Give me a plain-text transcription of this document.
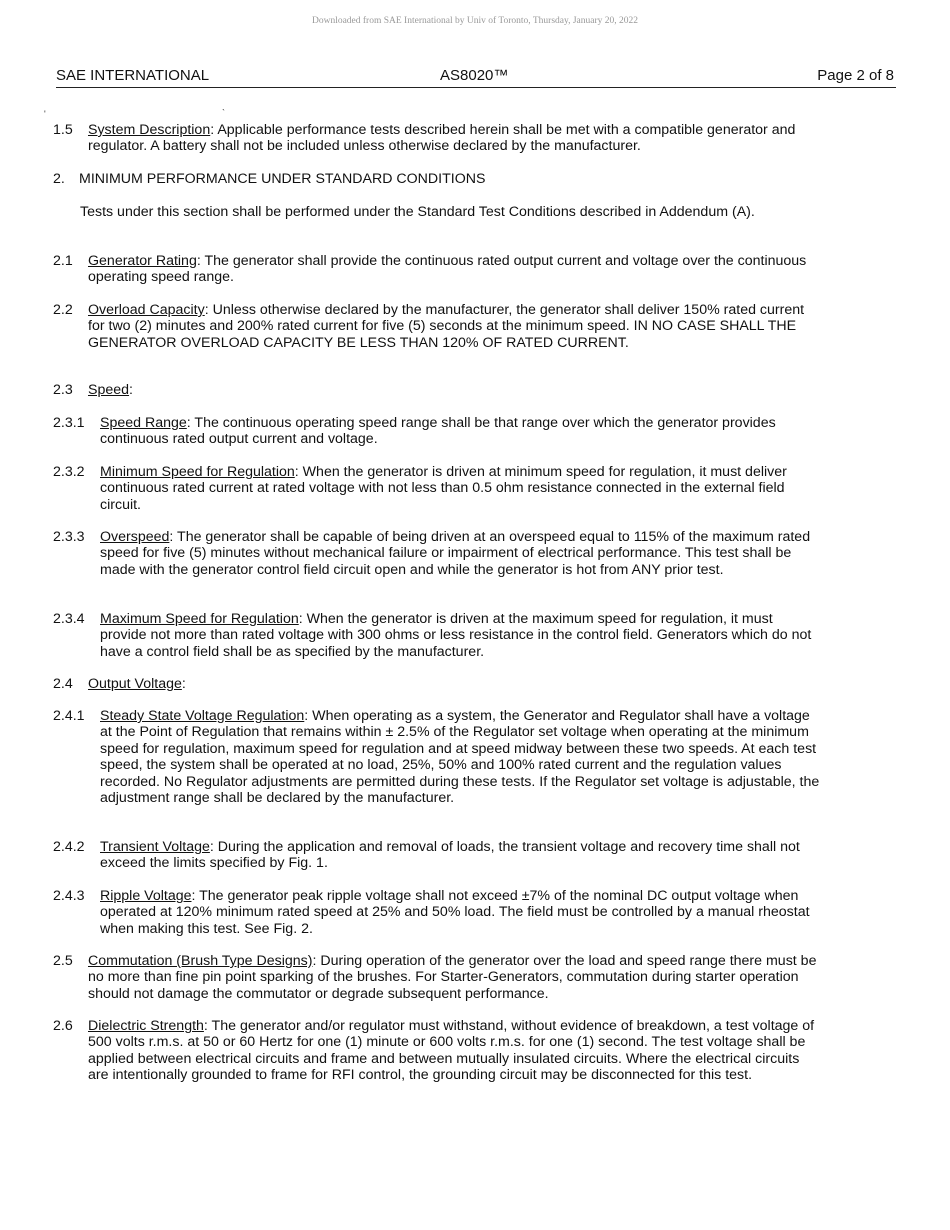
Downloaded from SAE International by Univ of Toronto, Thursday, January 20, 2022
SAE INTERNATIONAL	AS8020™	Page 2 of 8
'	`
1.5	System Description: Applicable performance tests described herein shall be met with a compatible generator and regulator. A battery shall not be included unless otherwise declared by the manufacturer.
2. MINIMUM PERFORMANCE UNDER STANDARD CONDITIONS
Tests under this section shall be performed under the Standard Test Conditions described in Addendum (A).
2.1	Generator Rating: The generator shall provide the continuous rated output current and voltage over the continuous operating speed range.
2.2	Overload Capacity: Unless otherwise declared by the manufacturer, the generator shall deliver 150% rated current for two (2) minutes and 200% rated current for five (5) seconds at the minimum speed. IN NO CASE SHALL THE GENERATOR OVERLOAD CAPACITY BE LESS THAN 120% OF RATED CURRENT.
2.3	Speed:
2.3.1	Speed Range: The continuous operating speed range shall be that range over which the generator provides continuous rated output current and voltage.
2.3.2	Minimum Speed for Regulation: When the generator is driven at minimum speed for regulation, it must deliver continuous rated current at rated voltage with not less than 0.5 ohm resistance connected in the external field circuit.
2.3.3	Overspeed: The generator shall be capable of being driven at an overspeed equal to 115% of the maximum rated speed for five (5) minutes without mechanical failure or impairment of electrical performance. This test shall be made with the generator control field circuit open and while the generator is hot from ANY prior test.
2.3.4	Maximum Speed for Regulation: When the generator is driven at the maximum speed for regulation, it must provide not more than rated voltage with 300 ohms or less resistance in the control field. Generators which do not have a control field shall be as specified by the manufacturer.
2.4	Output Voltage:
2.4.1	Steady State Voltage Regulation: When operating as a system, the Generator and Regulator shall have a voltage at the Point of Regulation that remains within ± 2.5% of the Regulator set voltage when operating at the minimum speed for regulation, maximum speed for regulation and at speed midway between these two speeds. At each test speed, the system shall be operated at no load, 25%, 50% and 100% rated current and the regulation values recorded. No Regulator adjustments are permitted during these tests. If the Regulator set voltage is adjustable, the adjustment range shall be declared by the manufacturer.
2.4.2	Transient Voltage: During the application and removal of loads, the transient voltage and recovery time shall not exceed the limits specified by Fig. 1.
2.4.3	Ripple Voltage: The generator peak ripple voltage shall not exceed ±7% of the nominal DC output voltage when operated at 120% minimum rated speed at 25% and 50% load. The field must be controlled by a manual rheostat when making this test. See Fig. 2.
2.5	Commutation (Brush Type Designs): During operation of the generator over the load and speed range there must be no more than fine pin point sparking of the brushes. For Starter-Generators, commutation during starter operation should not damage the commutator or degrade subsequent performance.
2.6	Dielectric Strength: The generator and/or regulator must withstand, without evidence of breakdown, a test voltage of 500 volts r.m.s. at 50 or 60 Hertz for one (1) minute or 600 volts r.m.s. for one (1) second. The test voltage shall be applied between electrical circuits and frame and between mutually insulated circuits. Where the electrical circuits are intentionally grounded to frame for RFI control, the grounding circuit may be disconnected for this test.
